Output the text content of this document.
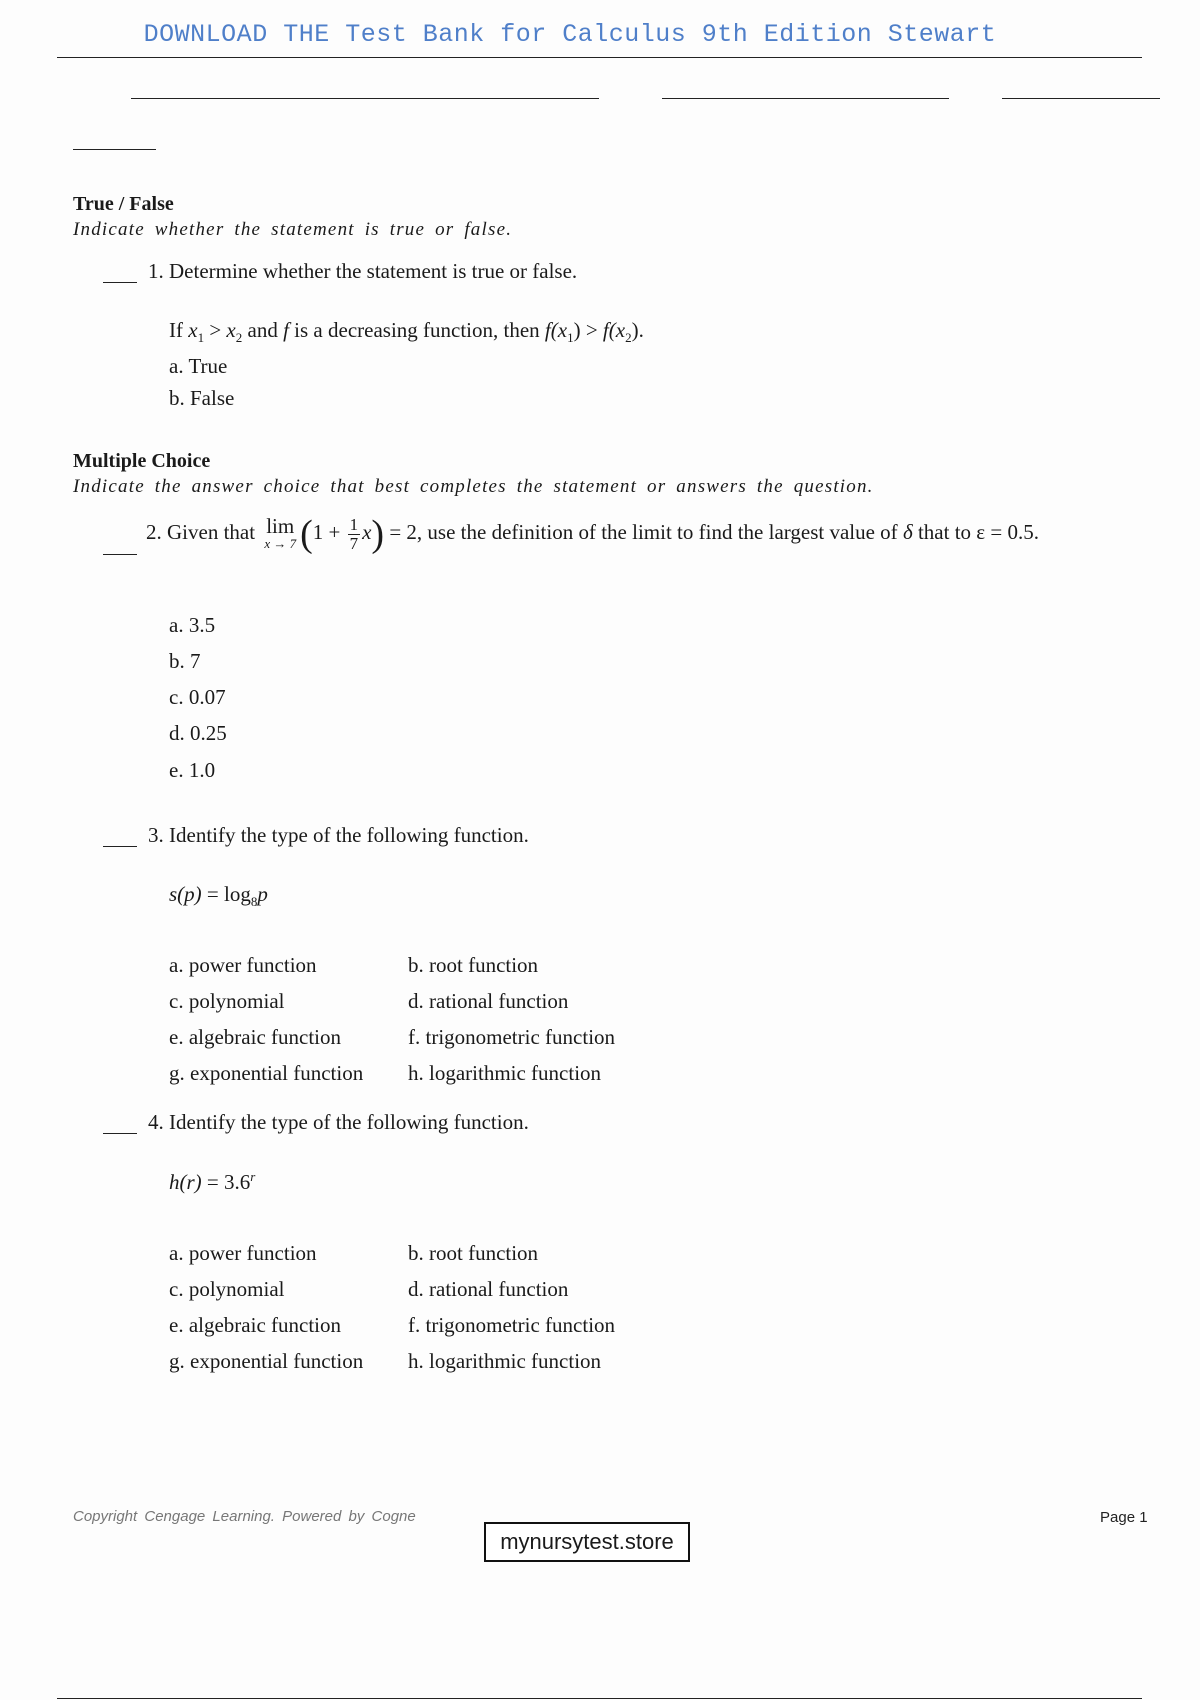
DOWNLOAD THE Test Bank for Calculus 9th Edition Stewart
True / False
Indicate whether the statement is true or false.
1. Determine whether the statement is true or false.
If $x_1 > x_2$ and f is a decreasing function, then $f(x_1) > f(x_2)$.
a. True
b. False
Multiple Choice
Indicate the answer choice that best completes the statement or answers the question.
2. Given that lim
x → 7 $(1 + \frac{1}{7} x) = 2$, use the definition of the limit to find the largest value of δ that to ε = 0.5.
a. 3.5
b. 7
c. 0.07
d. 0.25
e. 1.0
3. Identify the type of the following function.
$s(p) = \log_8p$
a. power function
c. polynomial
e. algebraic function
g. exponential function
b. root function
d. rational function
f. trigonometric function
h. logarithmic function
4. Identify the type of the following function.
$h(r) = 3.6^r$
a. power function
c. polynomial
e. algebraic function
g. exponential function
b. root function
d. rational function
f. trigonometric function
h. logarithmic function
Copyright Cengage Learning. Powered by Cogne	Page 1
mynursytest.store
